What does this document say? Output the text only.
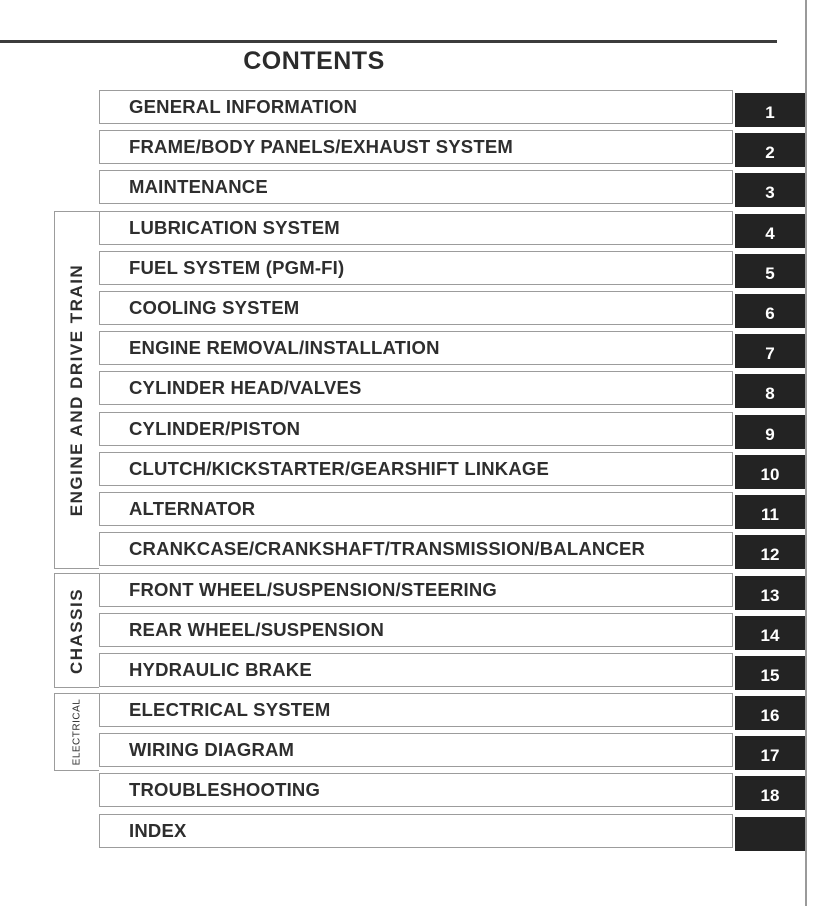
CONTENTS
ENGINE AND DRIVE TRAIN
CHASSIS
ELECTRICAL
GENERAL INFORMATION	1
FRAME/BODY PANELS/EXHAUST SYSTEM	2
MAINTENANCE	3
LUBRICATION SYSTEM	4
FUEL SYSTEM (PGM-FI)	5
COOLING SYSTEM	6
ENGINE REMOVAL/INSTALLATION	7
CYLINDER HEAD/VALVES	8
CYLINDER/PISTON	9
CLUTCH/KICKSTARTER/GEARSHIFT LINKAGE	10
ALTERNATOR	11
CRANKCASE/CRANKSHAFT/TRANSMISSION/BALANCER	12
FRONT WHEEL/SUSPENSION/STEERING	13
REAR WHEEL/SUSPENSION	14
HYDRAULIC BRAKE	15
ELECTRICAL SYSTEM	16
WIRING DIAGRAM	17
TROUBLESHOOTING	18
INDEX
